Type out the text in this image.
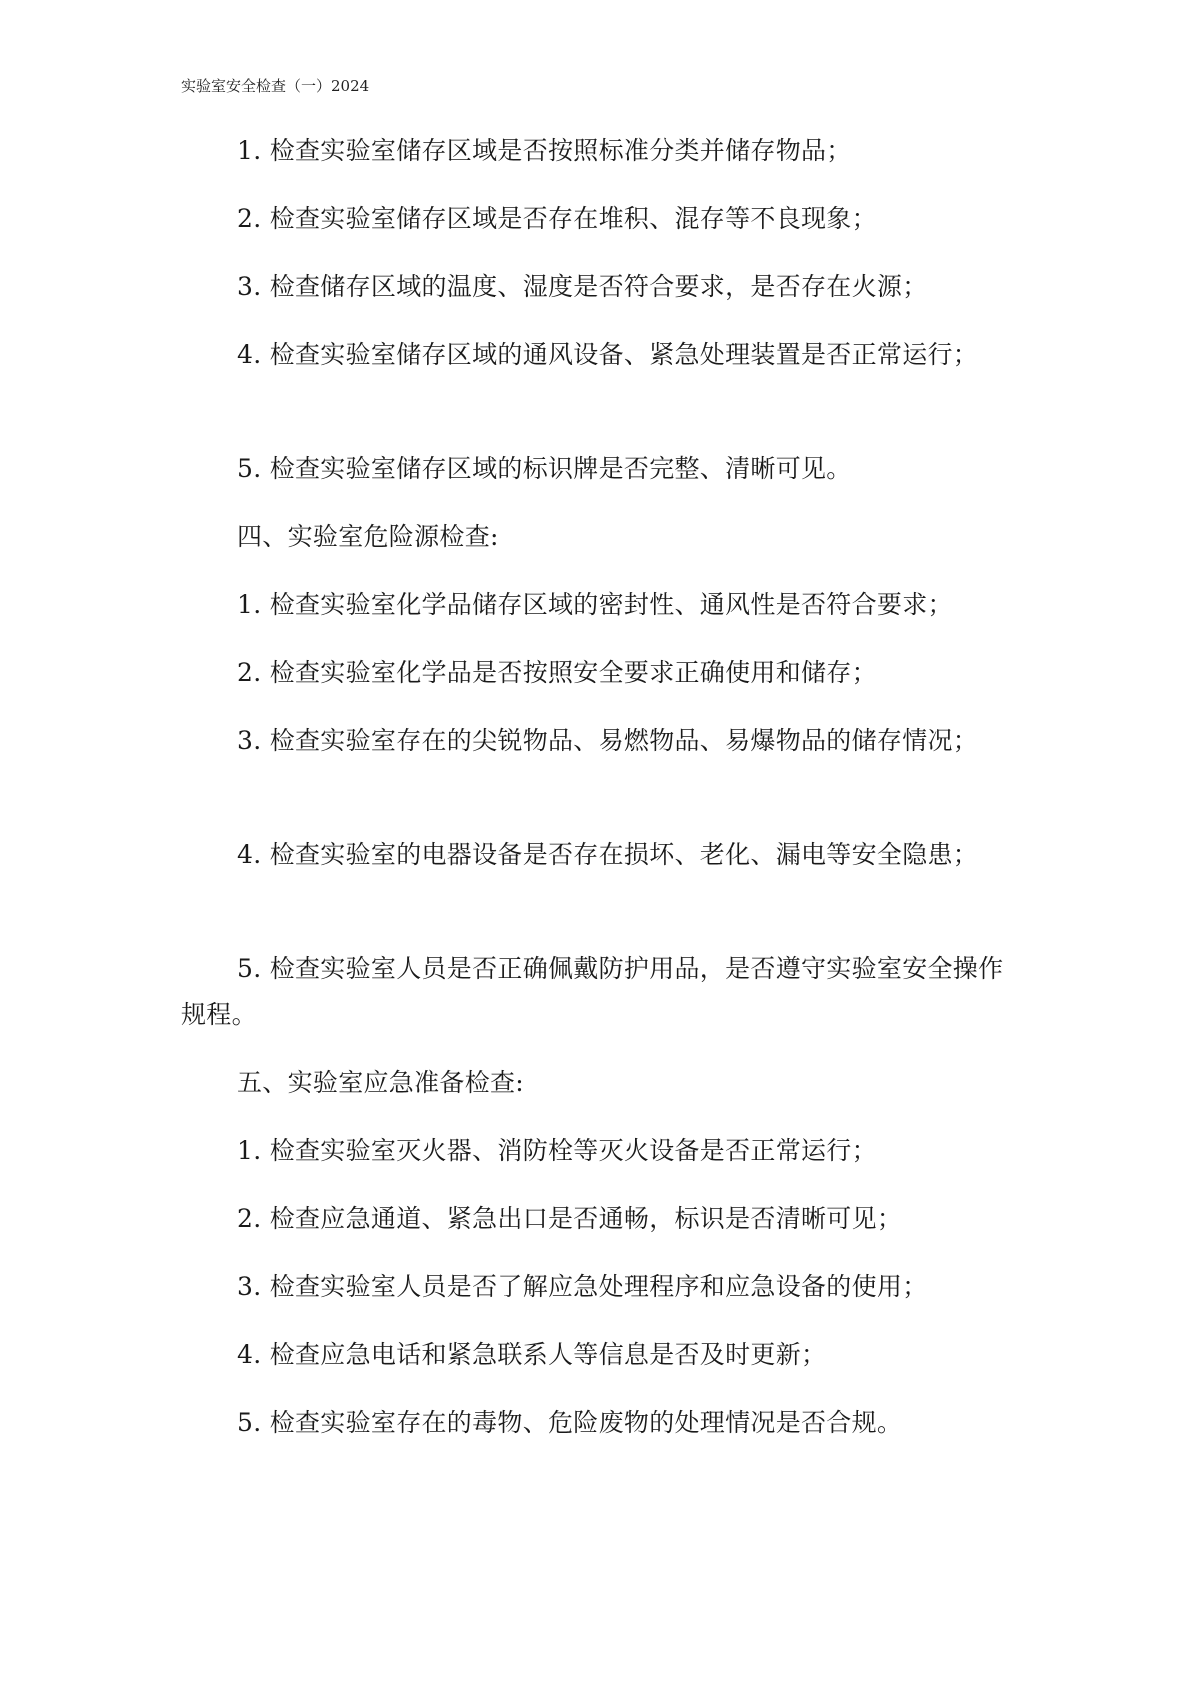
实验室安全检查（一）2024

1. 检查实验室储存区域是否按照标准分类并储存物品；

2. 检查实验室储存区域是否存在堆积、混存等不良现象；

3. 检查储存区域的温度、湿度是否符合要求，是否存在火源；

4. 检查实验室储存区域的通风设备、紧急处理装置是否正常运行；

5. 检查实验室储存区域的标识牌是否完整、清晰可见。

四、实验室危险源检查:

1. 检查实验室化学品储存区域的密封性、通风性是否符合要求；

2. 检查实验室化学品是否按照安全要求正确使用和储存；

3. 检查实验室存在的尖锐物品、易燃物品、易爆物品的储存情况；

4. 检查实验室的电器设备是否存在损坏、老化、漏电等安全隐患；

5. 检查实验室人员是否正确佩戴防护用品，是否遵守实验室安全操作规程。

五、实验室应急准备检查:

1. 检查实验室灭火器、消防栓等灭火设备是否正常运行；

2. 检查应急通道、紧急出口是否通畅，标识是否清晰可见；

3. 检查实验室人员是否了解应急处理程序和应急设备的使用；

4. 检查应急电话和紧急联系人等信息是否及时更新；

5. 检查实验室存在的毒物、危险废物的处理情况是否合规。
